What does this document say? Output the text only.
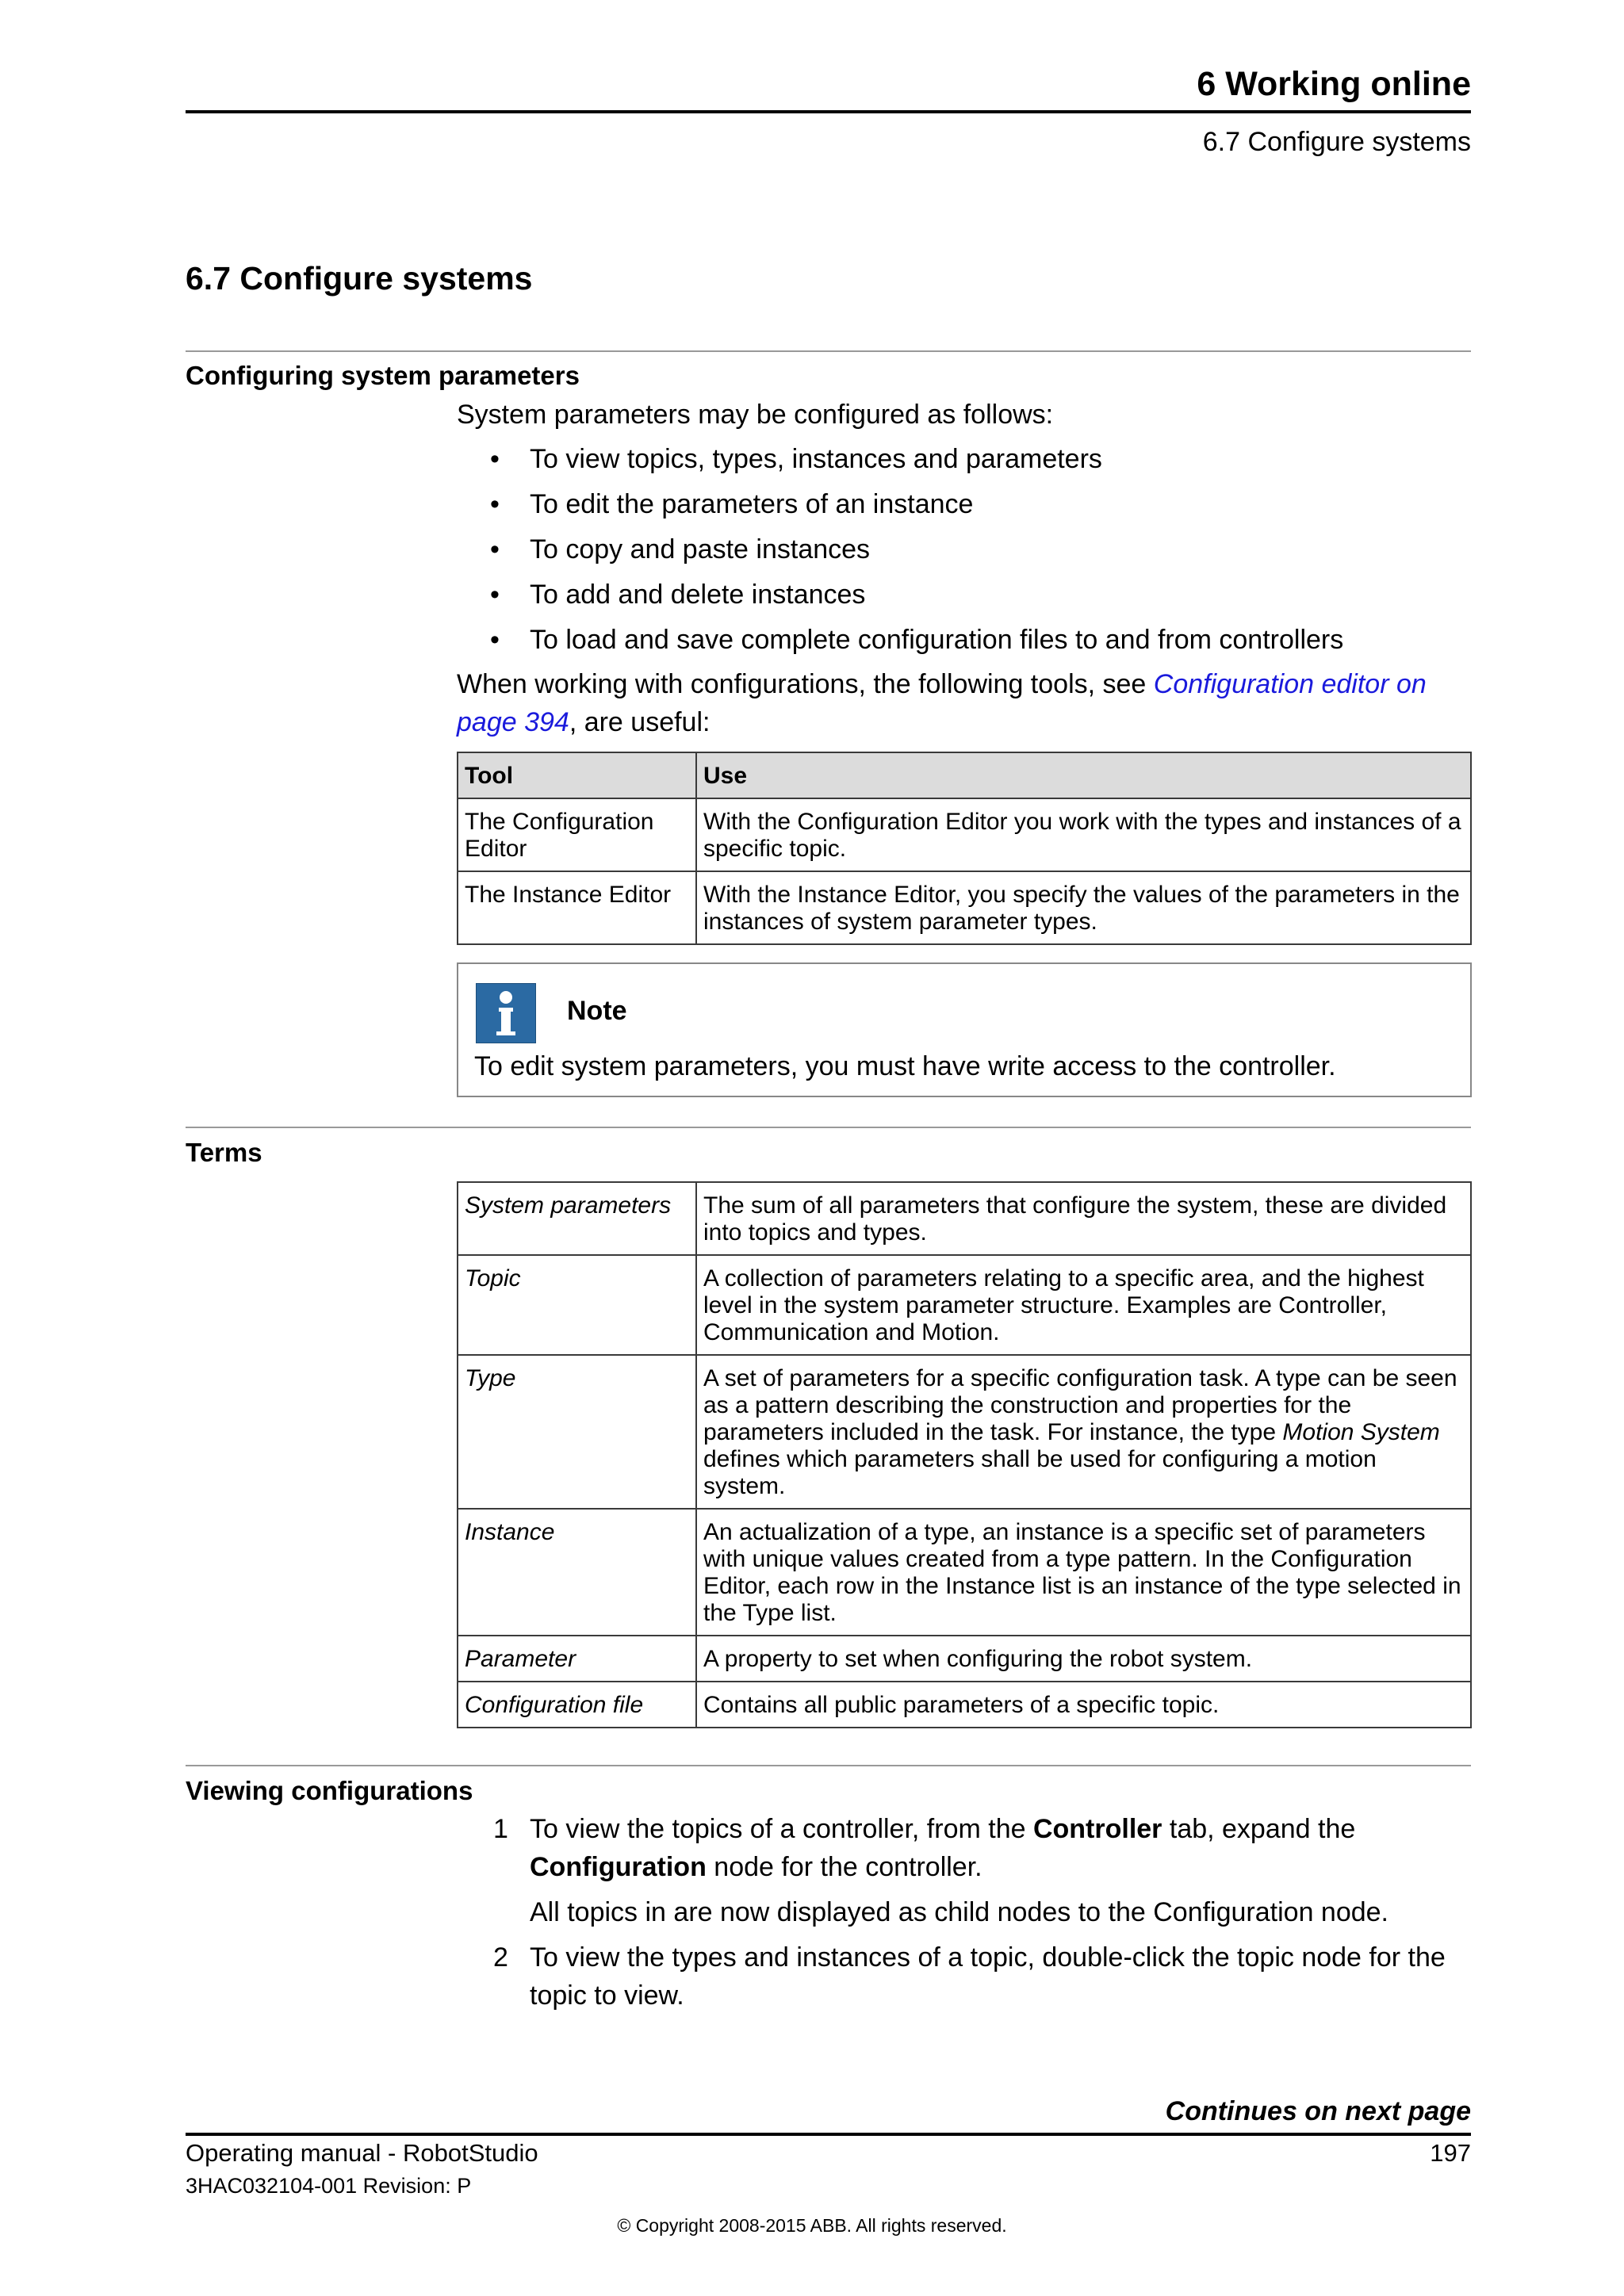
6 Working online
6.7 Configure systems
6.7 Configure systems
Configuring system parameters
System parameters may be configured as follows:
• To view topics, types, instances and parameters
• To edit the parameters of an instance
• To copy and paste instances
• To add and delete instances
• To load and save complete configuration files to and from controllers
When working with configurations, the following tools, see Configuration editor on page 394, are useful:
Tool	Use
The Configuration Editor	With the Configuration Editor you work with the types and instances of a specific topic.
The Instance Editor	With the Instance Editor, you specify the values of the parameters in the instances of system parameter types.
Note
To edit system parameters, you must have write access to the controller.
Terms
System parameters	The sum of all parameters that configure the system, these are divided into topics and types.
Topic	A collection of parameters relating to a specific area, and the highest level in the system parameter structure. Examples are Controller, Communication and Motion.
Type	A set of parameters for a specific configuration task. A type can be seen as a pattern describing the construction and properties for the parameters included in the task. For instance, the type Motion System defines which parameters shall be used for configuring a motion system.
Instance	An actualization of a type, an instance is a specific set of parameters with unique values created from a type pattern. In the Configuration Editor, each row in the Instance list is an instance of the type selected in the Type list.
Parameter	A property to set when configuring the robot system.
Configuration file	Contains all public parameters of a specific topic.
Viewing configurations
1 To view the topics of a controller, from the Controller tab, expand the Configuration node for the controller.
All topics in are now displayed as child nodes to the Configuration node.
2 To view the types and instances of a topic, double-click the topic node for the topic to view.
Continues on next page
Operating manual - RobotStudio	197
3HAC032104-001 Revision: P
© Copyright 2008-2015 ABB. All rights reserved.
